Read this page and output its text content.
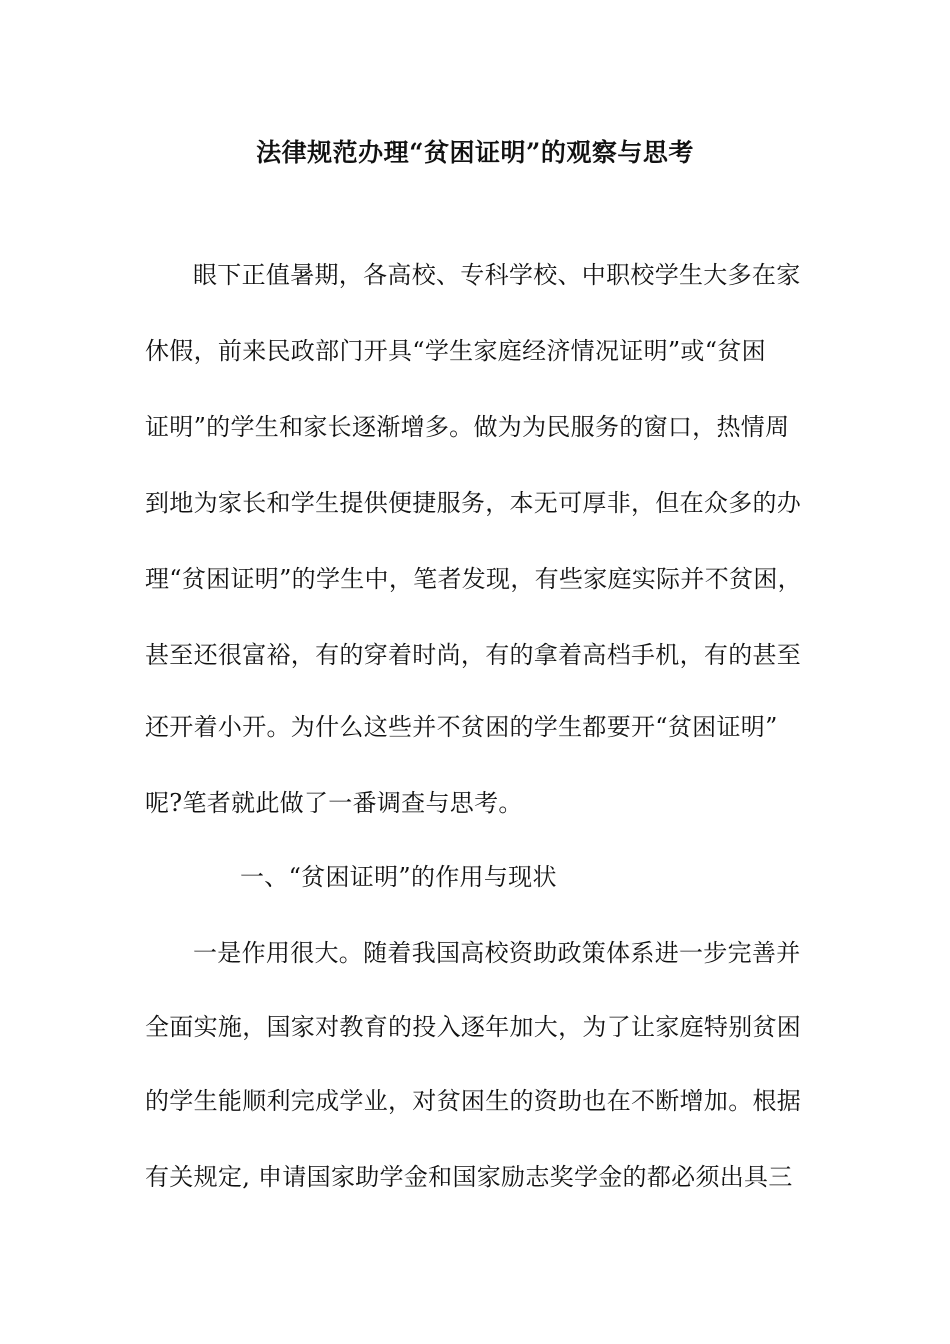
法律规范办理“贫困证明”的观察与思考
眼下正值暑期，各高校、专科学校、中职校学生大多在家
休假，前来民政部门开具“学生家庭经济情况证明”或“贫困
证明”的学生和家长逐渐增多。做为为民服务的窗口，热情周
到地为家长和学生提供便捷服务，本无可厚非，但在众多的办
理“贫困证明”的学生中，笔者发现，有些家庭实际并不贫困，
甚至还很富裕，有的穿着时尚，有的拿着高档手机，有的甚至
还开着小开。为什么这些并不贫困的学生都要开“贫困证明”
呢?笔者就此做了一番调查与思考。
一、“贫困证明”的作用与现状
一是作用很大。随着我国高校资助政策体系进一步完善并
全面实施，国家对教育的投入逐年加大，为了让家庭特别贫困
的学生能顺利完成学业，对贫困生的资助也在不断增加。根据
有关规定, 申请国家助学金和国家励志奖学金的都必须出具三
